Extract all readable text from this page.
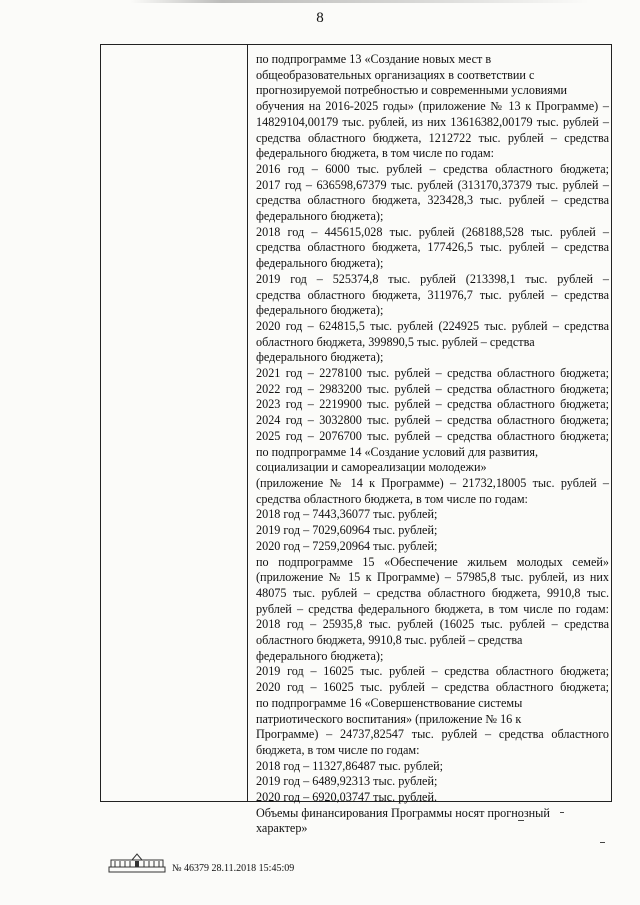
8
по подпрограмме 13 «Создание новых мест в
общеобразовательных организациях в соответствии с
прогнозируемой потребностью и современными условиями
обучения на 2016-2025 годы» (приложение № 13 к Программе) –
14829104,00179 тыс. рублей, из них 13616382,00179 тыс. рублей –
средства областного бюджета, 1212722 тыс. рублей – средства
федерального бюджета, в том числе по годам:
2016 год – 6000 тыс. рублей – средства областного бюджета;
2017 год – 636598,67379 тыс. рублей (313170,37379 тыс. рублей –
средства областного бюджета, 323428,3 тыс. рублей – средства
федерального бюджета);
2018 год – 445615,028 тыс. рублей (268188,528 тыс. рублей –
средства областного бюджета, 177426,5 тыс. рублей – средства
федерального бюджета);
2019 год – 525374,8 тыс. рублей (213398,1 тыс. рублей –
средства областного бюджета, 311976,7 тыс. рублей – средства
федерального бюджета);
2020 год – 624815,5 тыс. рублей (224925 тыс. рублей – средства
областного бюджета, 399890,5 тыс. рублей – средства
федерального бюджета);
2021 год – 2278100 тыс. рублей – средства областного бюджета;
2022 год – 2983200 тыс. рублей – средства областного бюджета;
2023 год – 2219900 тыс. рублей – средства областного бюджета;
2024 год – 3032800 тыс. рублей – средства областного бюджета;
2025 год – 2076700 тыс. рублей – средства областного бюджета;
по подпрограмме 14 «Создание условий для развития,
социализации и самореализации молодежи»
(приложение № 14 к Программе) – 21732,18005 тыс. рублей –
средства областного бюджета, в том числе по годам:
2018 год – 7443,36077 тыс. рублей;
2019 год – 7029,60964 тыс. рублей;
2020 год – 7259,20964 тыс. рублей;
по подпрограмме 15 «Обеспечение жильем молодых семей»
(приложение № 15 к Программе) – 57985,8 тыс. рублей, из них
48075 тыс. рублей – средства областного бюджета, 9910,8 тыс.
рублей – средства федерального бюджета, в том числе по годам:
2018 год – 25935,8 тыс. рублей (16025 тыс. рублей – средства
областного бюджета, 9910,8 тыс. рублей – средства
федерального бюджета);
2019 год – 16025 тыс. рублей – средства областного бюджета;
2020 год – 16025 тыс. рублей – средства областного бюджета;
по подпрограмме 16 «Совершенствование системы
патриотического воспитания» (приложение № 16 к
Программе) – 24737,82547 тыс. рублей – средства областного
бюджета, в том числе по годам:
2018 год – 11327,86487 тыс. рублей;
2019 год – 6489,92313 тыс. рублей;
2020 год – 6920,03747 тыс. рублей.
Объемы финансирования Программы носят прогнозный
характер»
№ 46379 28.11.2018 15:45:09
